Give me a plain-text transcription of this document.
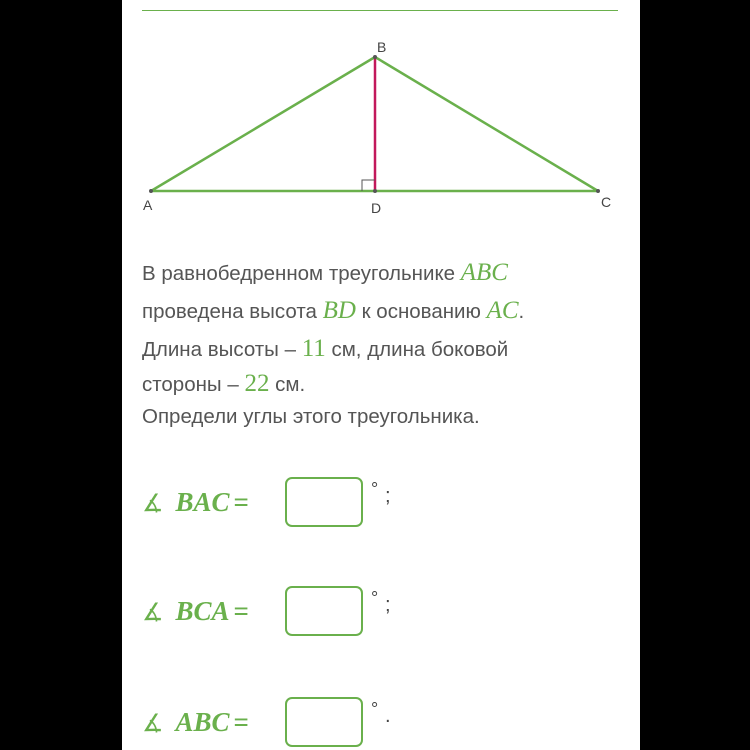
A
B
C
D
В равнобедренном треугольнике ABC
проведена высота BD к основанию AC.
Длина высоты – 11 см, длина боковой
стороны – 22 см.
Определи углы этого треугольника.
∡ BAC =	° ;
∡ BCA =	° ;
∡ ABC =	° .
